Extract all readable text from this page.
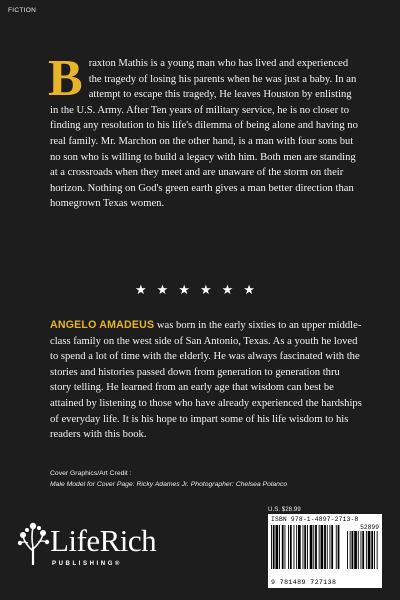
FICTION
Braxton Mathis is a young man who has lived and experienced the tragedy of losing his parents when he was just a baby. In an attempt to escape this tragedy, He leaves Houston by enlisting in the U.S. Army. After Ten years of military service, he is no closer to finding any resolution to his life's dilemma of being alone and having no real family. Mr. Marchon on the other hand, is a man with four sons but no son who is willing to build a legacy with him. Both men are standing at a crossroads when they meet and are unaware of the storm on their horizon. Nothing on God's green earth gives a man better direction than homegrown Texas women.
★★★★★★
ANGELO AMADEUS was born in the early sixties to an upper middle-class family on the west side of San Antonio, Texas. As a youth he loved to spend a lot of time with the elderly. He was always fascinated with the stories and histories passed down from generation to generation thru story telling. He learned from an early age that wisdom can best be attained by listening to those who have already experienced the hardships of everyday life. It is his hope to impart some of his life wisdom to his readers with this book.
Cover Graphics/Art Credit :
Male Model for Cover Page: Ricky Adames Jr. Photographer: Chelsea Polanco
LifeRich
PUBLISHING®
U.S. $28.99
ISBN 978-1-4897-2713-8
52899
9 781489 727138
